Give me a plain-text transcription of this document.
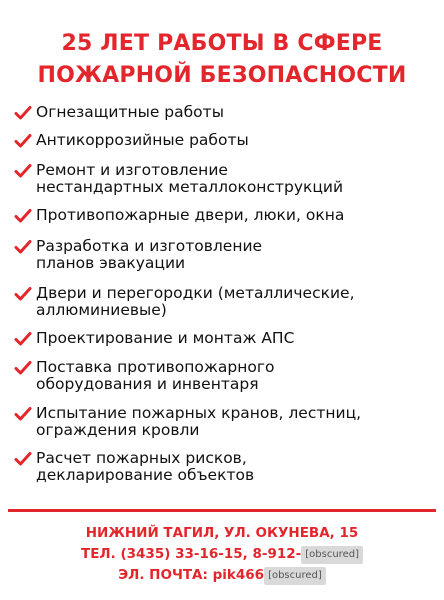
25 ЛЕТ РАБОТЫ В СФЕРЕ
ПОЖАРНОЙ БЕЗОПАСНОСТИ
Огнезащитные работы
Антикоррозийные работы
Ремонт и изготовление
нестандартных металлоконструкций
Противопожарные двери, люки, окна
Разработка и изготовление
планов эвакуации
Двери и перегородки (металлические,
аллюминиевые)
Проектирование и монтаж АПС
Поставка противопожарного
оборудования и инвентаря
Испытание пожарных кранов, лестниц,
ограждения кровли
Расчет пожарных рисков,
декларирование объектов
НИЖНИЙ ТАГИЛ, УЛ. ОКУНЕВА, 15
ТЕЛ. (3435) 33-16-15, 8-912- [obscured]
ЭЛ. ПОЧТА: pik466 [obscured]
